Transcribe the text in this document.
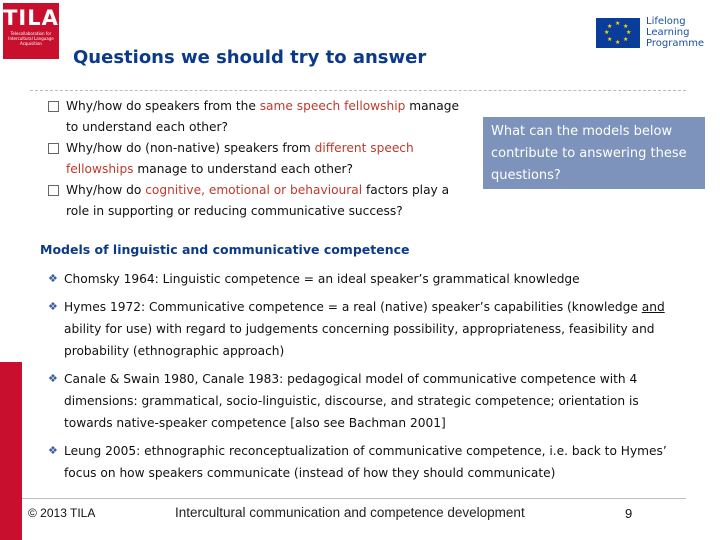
TILA
Telecollaboration for Intercultural Language Acquisition
Questions we should try to answer
★ ★
★
★
★
★
★
★	Lifelong
Learning
Programme
Why/how do speakers from the same speech fellowship manage to understand each other?
Why/how do (non-native) speakers from different speech fellowships manage to understand each other?
Why/how do cognitive, emotional or behavioural factors play a role in supporting or reducing communicative success?
What can the models below contribute to answering these questions?
Models of linguistic and communicative competence
❖ Chomsky 1964: Linguistic competence = an ideal speaker’s grammatical knowledge
❖ Hymes 1972: Communicative competence = a real (native) speaker’s capabilities (knowledge and ability for use) with regard to judgements concerning possibility, appropriateness, feasibility and probability (ethnographic approach)
❖ Canale & Swain 1980, Canale 1983: pedagogical model of communicative competence with 4 dimensions: grammatical, socio-linguistic, discourse, and strategic competence; orientation is towards native-speaker competence [also see Bachman 2001]
❖ Leung 2005: ethnographic reconceptualization of communicative competence, i.e. back to Hymes’ focus on how speakers communicate (instead of how they should communicate)
© 2013 TILA	Intercultural communication and competence development	9
